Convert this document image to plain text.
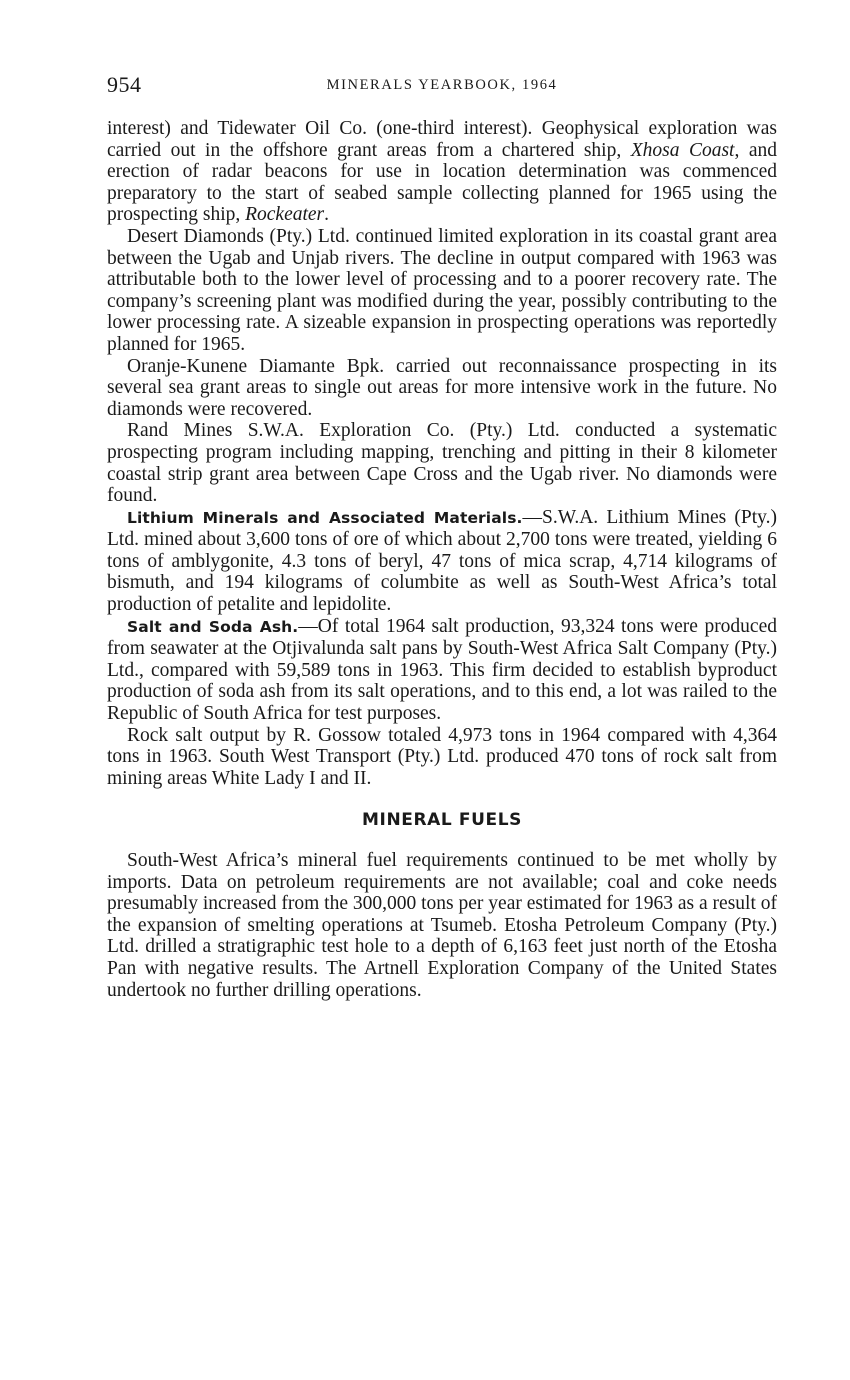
954	MINERALS YEARBOOK, 1964

interest) and Tidewater Oil Co. (one-third interest). Geophysical exploration was carried out in the offshore grant areas from a chartered ship, Xhosa Coast, and erection of radar beacons for use in location determination was commenced preparatory to the start of seabed sample collecting planned for 1965 using the prospecting ship, Rockeater.

Desert Diamonds (Pty.) Ltd. continued limited exploration in its coastal grant area between the Ugab and Unjab rivers. The decline in output compared with 1963 was attributable both to the lower level of processing and to a poorer recovery rate. The company’s screening plant was modified during the year, possibly contributing to the lower processing rate. A sizeable expansion in prospecting operations was reportedly planned for 1965.

Oranje-Kunene Diamante Bpk. carried out reconnaissance prospecting in its several sea grant areas to single out areas for more intensive work in the future. No diamonds were recovered.

Rand Mines S.W.A. Exploration Co. (Pty.) Ltd. conducted a systematic prospecting program including mapping, trenching and pitting in their 8 kilometer coastal strip grant area between Cape Cross and the Ugab river. No diamonds were found.

Lithium Minerals and Associated Materials.—S.W.A. Lithium Mines (Pty.) Ltd. mined about 3,600 tons of ore of which about 2,700 tons were treated, yielding 6 tons of amblygonite, 4.3 tons of beryl, 47 tons of mica scrap, 4,714 kilograms of bismuth, and 194 kilograms of columbite as well as South-West Africa’s total production of petalite and lepidolite.

Salt and Soda Ash.—Of total 1964 salt production, 93,324 tons were produced from seawater at the Otjivalunda salt pans by South-West Africa Salt Company (Pty.) Ltd., compared with 59,589 tons in 1963. This firm decided to establish byproduct production of soda ash from its salt operations, and to this end, a lot was railed to the Republic of South Africa for test purposes.

Rock salt output by R. Gossow totaled 4,973 tons in 1964 compared with 4,364 tons in 1963. South West Transport (Pty.) Ltd. produced 470 tons of rock salt from mining areas White Lady I and II.

MINERAL FUELS

South-West Africa’s mineral fuel requirements continued to be met wholly by imports. Data on petroleum requirements are not available; coal and coke needs presumably increased from the 300,000 tons per year estimated for 1963 as a result of the expansion of smelting operations at Tsumeb. Etosha Petroleum Company (Pty.) Ltd. drilled a stratigraphic test hole to a depth of 6,163 feet just north of the Etosha Pan with negative results. The Artnell Exploration Company of the United States undertook no further drilling operations.
